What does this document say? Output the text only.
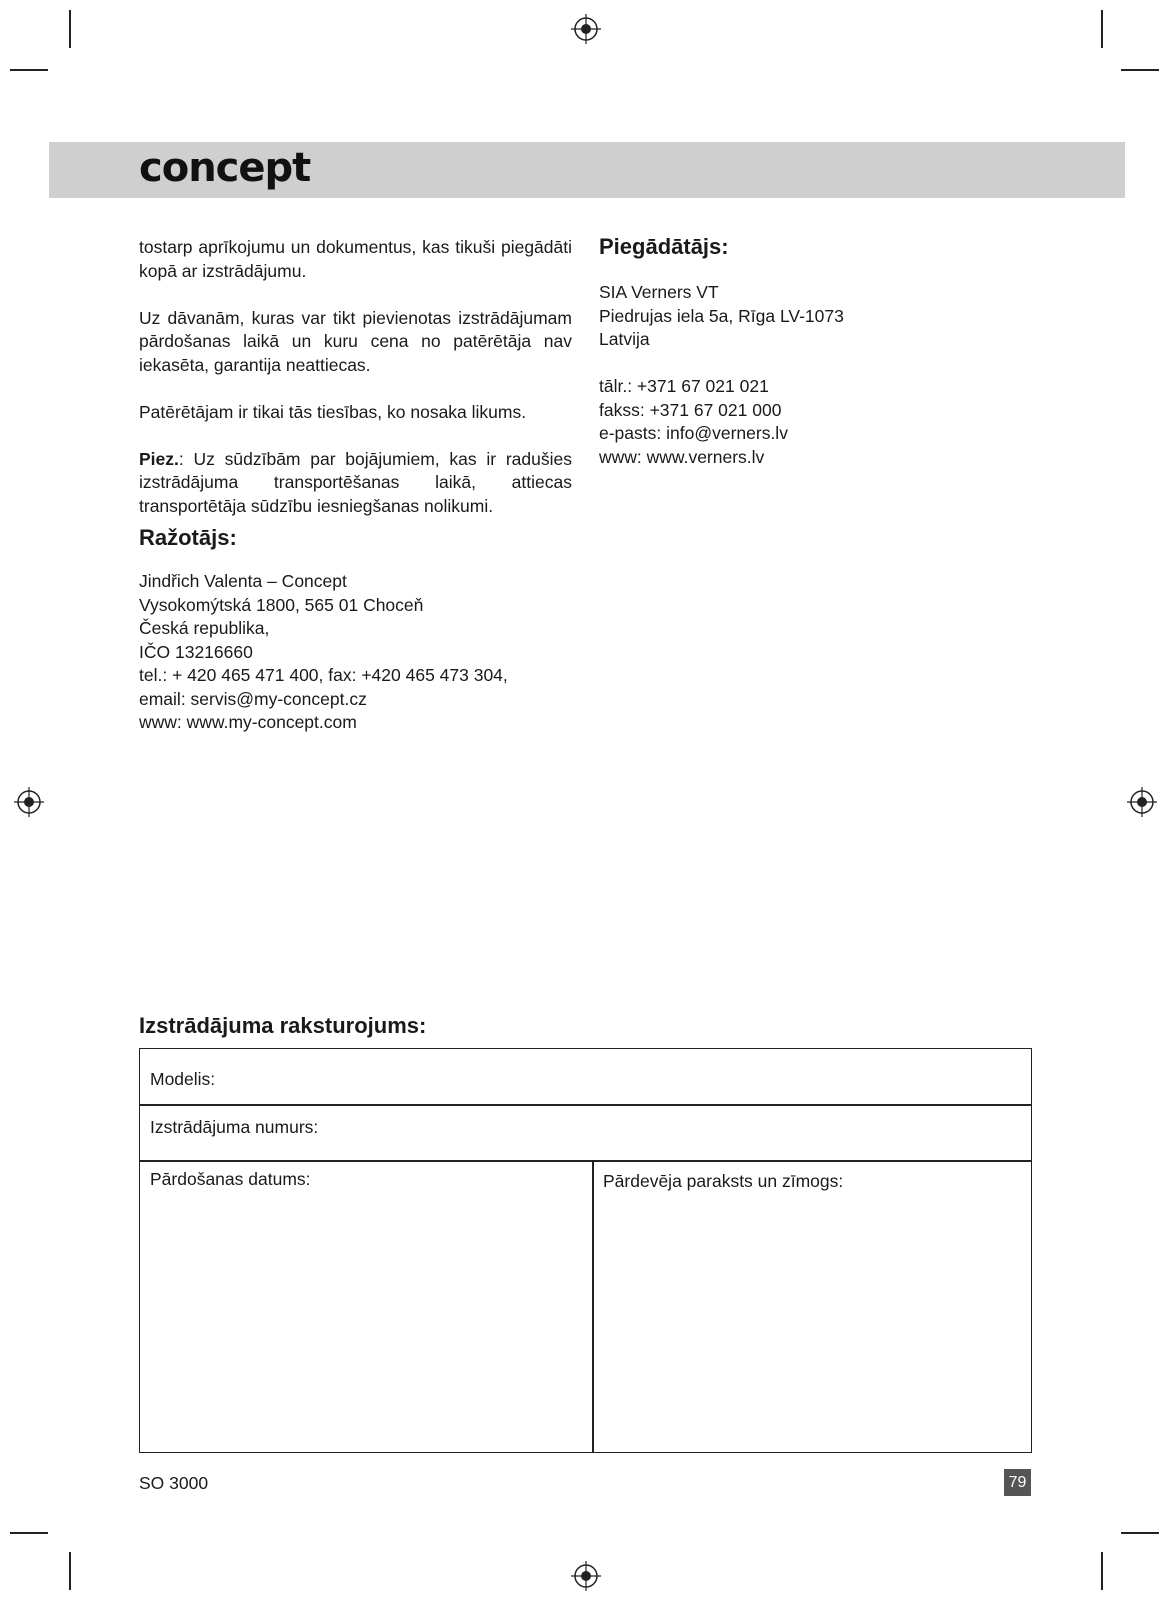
concept

tostarp aprīkojumu un dokumentus, kas tikuši piegādāti kopā ar izstrādājumu.

Uz dāvanām, kuras var tikt pievienotas izstrādājumam pārdošanas laikā un kuru cena no patērētāja nav iekasēta, garantija neattiecas.

Patērētājam ir tikai tās tiesības, ko nosaka likums.

Piez.: Uz sūdzībām par bojājumiem, kas ir radušies izstrādājuma transportēšanas laikā, attiecas transportētāja sūdzību iesniegšanas nolikumi.

Ražotājs:

Jindřich Valenta – Concept

Vysokomýtská 1800, 565 01 Choceň

Česká republika,

IČO 13216660

tel.: + 420 465 471 400, fax: +420 465 473 304,

email: servis@my-concept.cz

www: www.my-concept.com

Piegādātājs:

SIA Verners VT

Piedrujas iela 5a, Rīga LV-1073

Latvija

tālr.: +371 67 021 021

fakss: +371 67 021 000

e-pasts: info@verners.lv

www: www.verners.lv

Izstrādājuma raksturojums:
Modelis:
Izstrādājuma numurs:
Pārdošanas datums:	Pārdevēja paraksts un zīmogs:
SO 3000	79
